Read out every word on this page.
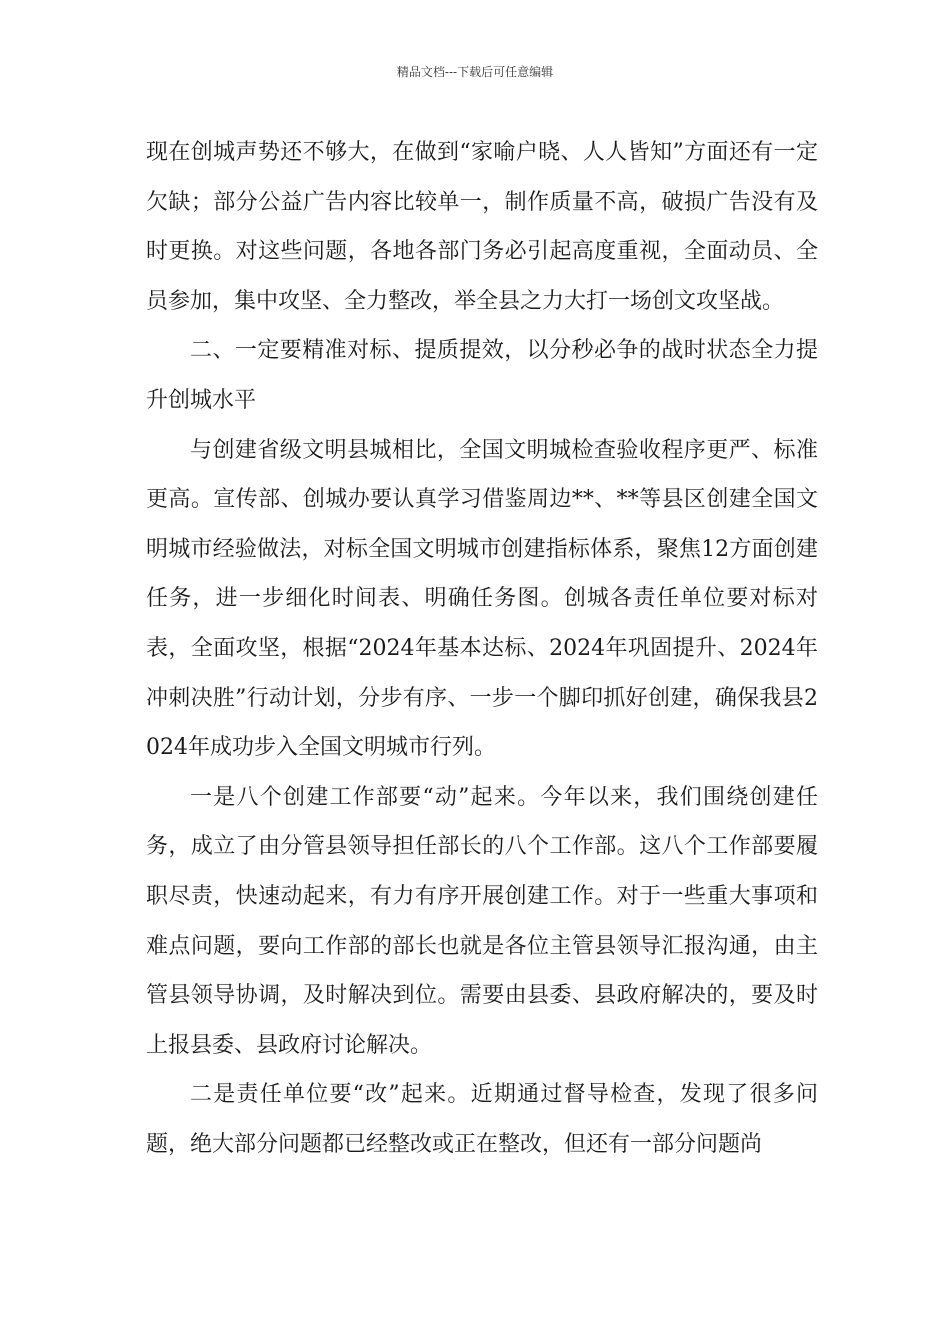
精品文档---下载后可任意编辑

现在创城声势还不够大，在做到“家喻户晓、人人皆知”方面还有一定欠缺；部分公益广告内容比较单一，制作质量不高，破损广告没有及时更换。对这些问题，各地各部门务必引起高度重视，全面动员、全员参加，集中攻坚、全力整改，举全县之力大打一场创文攻坚战。

二、一定要精准对标、提质提效，以分秒必争的战时状态全力提升创城水平

与创建省级文明县城相比，全国文明城检查验收程序更严、标准更高。宣传部、创城办要认真学习借鉴周边**、**等县区创建全国文明城市经验做法，对标全国文明城市创建指标体系，聚焦12方面创建任务，进一步细化时间表、明确任务图。创城各责任单位要对标对表，全面攻坚，根据“2024年基本达标、2024年巩固提升、2024年冲刺决胜”行动计划，分步有序、一步一个脚印抓好创建，确保我县2024年成功步入全国文明城市行列。

一是八个创建工作部要“动”起来。今年以来，我们围绕创建任务，成立了由分管县领导担任部长的八个工作部。这八个工作部要履职尽责，快速动起来，有力有序开展创建工作。对于一些重大事项和难点问题，要向工作部的部长也就是各位主管县领导汇报沟通，由主管县领导协调，及时解决到位。需要由县委、县政府解决的，要及时上报县委、县政府讨论解决。

二是责任单位要“改”起来。近期通过督导检查，发现了很多问题，绝大部分问题都已经整改或正在整改，但还有一部分问题尚
